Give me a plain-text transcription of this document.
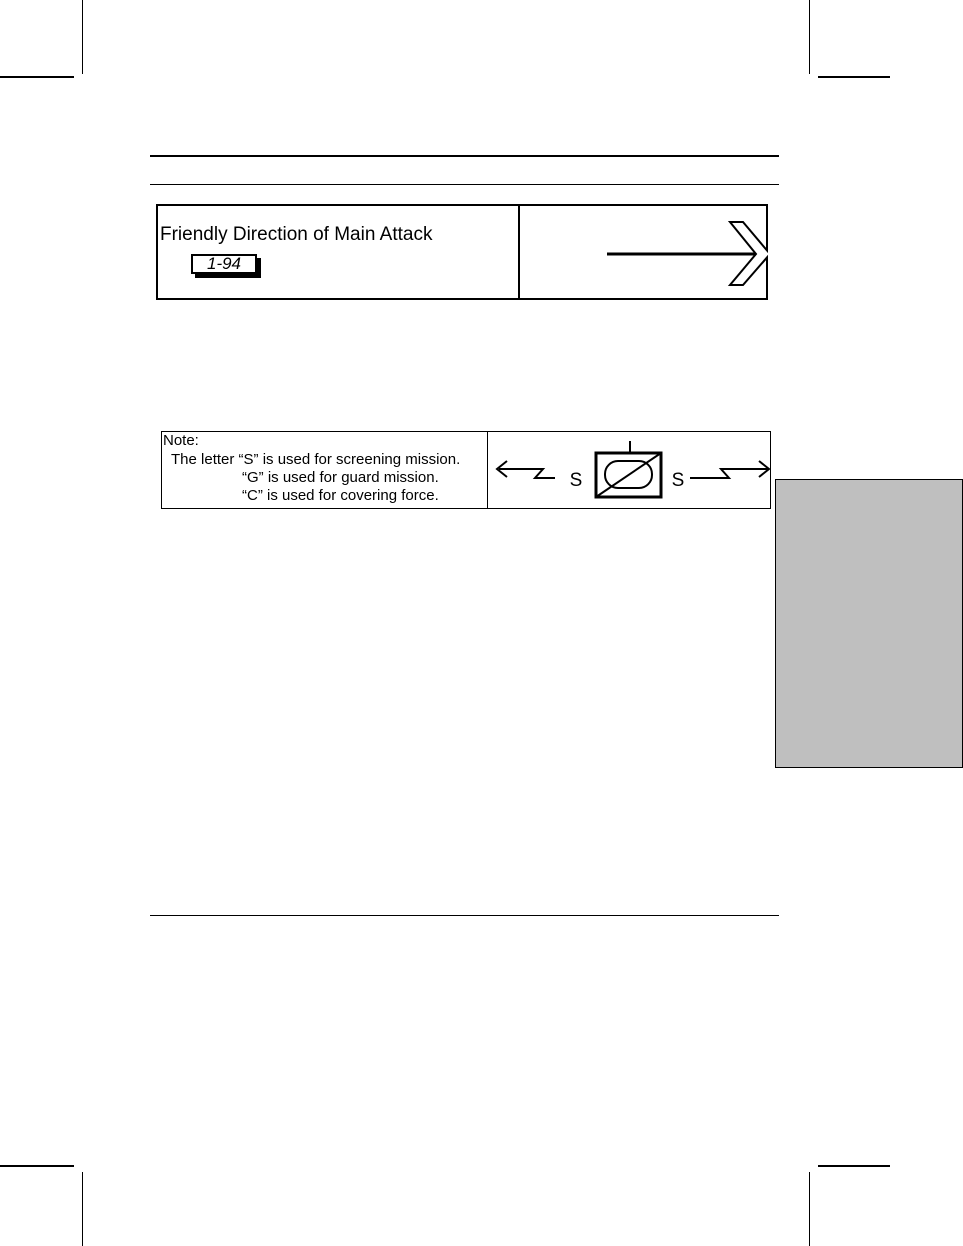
Friendly Direction of Main Attack
1-94
Note:
The letter “S” is used for screening mission.
“G” is used for guard mission.
“C” is used for covering force.
S	S
